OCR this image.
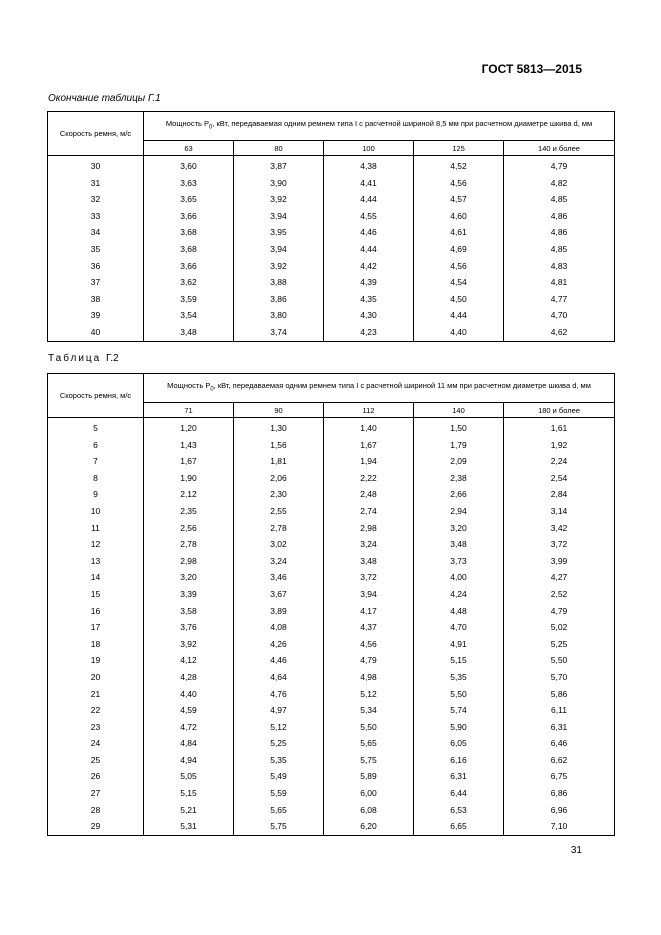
ГОСТ 5813—2015
Окончание таблицы Г.1
Скорость ремня, м/с	Мощность $P_0$, кВт, передаваемая одним ремнем типа I с расчетной шириной 8,5 мм при расчетном диаметре шкива d, мм				
	63	80	100	125	140 и более
30	3,60	3,87	4,38	4,52	4,79
31	3,63	3,90	4,41	4,56	4,82
32	3,65	3,92	4,44	4,57	4,85
33	3,66	3,94	4,55	4,60	4,86
34	3,68	3,95	4,46	4,61	4,86
35	3,68	3,94	4,44	4,69	4,85
36	3,66	3,92	4,42	4,56	4,83
37	3,62	3,88	4,39	4,54	4,81
38	3,59	3,86	4,35	4,50	4,77
39	3,54	3,80	4,30	4,44	4,70
40	3,48	3,74	4,23	4,40	4,62
Таблица Г.2
Скорость ремня, м/с	Мощность $P_0$, кВт, передаваемая одним ремнем типа I с расчетной шириной 11 мм при расчетном диаметре шкива d, мм				
	71	90	112	140	180 и более
5	1,20	1,30	1,40	1,50	1,61
6	1,43	1,56	1,67	1,79	1,92
7	1,67	1,81	1,94	2,09	2,24
8	1,90	2,06	2,22	2,38	2,54
9	2,12	2,30	2,48	2,66	2,84
10	2,35	2,55	2,74	2,94	3,14
11	2,56	2,78	2,98	3,20	3,42
12	2,78	3,02	3,24	3,48	3,72
13	2,98	3,24	3,48	3,73	3,99
14	3,20	3,46	3,72	4,00	4,27
15	3,39	3,67	3,94	4,24	2,52
16	3,58	3,89	4,17	4,48	4,79
17	3,76	4,08	4,37	4,70	5,02
18	3,92	4,26	4,56	4,91	5,25
19	4,12	4,46	4,79	5,15	5,50
20	4,28	4,64	4,98	5,35	5,70
21	4,40	4,76	5,12	5,50	5,86
22	4,59	4,97	5,34	5,74	6,11
23	4,72	5,12	5,50	5,90	6,31
24	4,84	5,25	5,65	6,05	6,46
25	4,94	5,35	5,75	6,16	6,62
26	5,05	5,49	5,89	6,31	6,75
27	5,15	5,59	6,00	6,44	6,86
28	5,21	5,65	6,08	6,53	6,96
29	5,31	5,75	6,20	6,65	7,10
31
